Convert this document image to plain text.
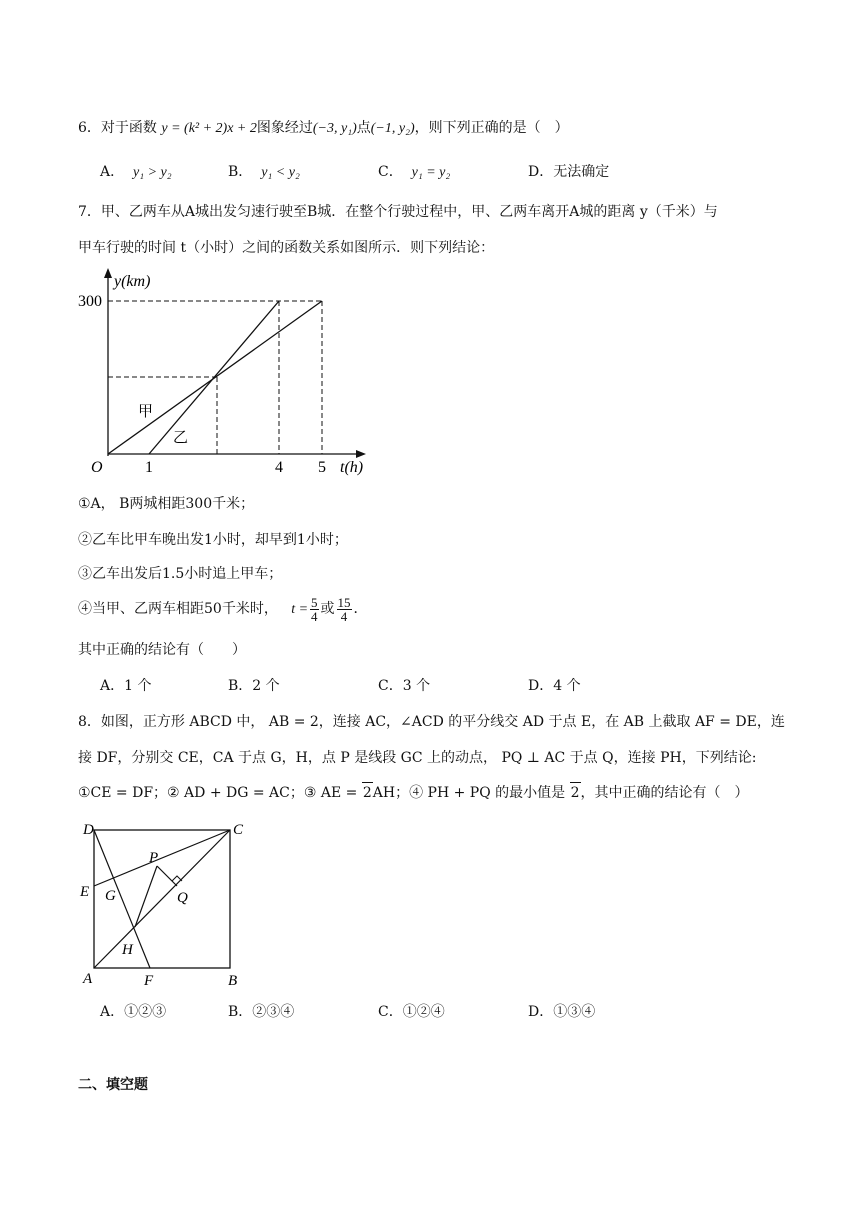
6．对于函数 y = (k² + 2)x + 2图象经过(−3, y₁)点(−1, y₂)，则下列正确的是（　）
A． y₁ > y₂	B． y₁ < y₂	C． y₁ = y₂	D．无法确定
7．甲、乙两车从A城出发匀速行驶至B城．在整个行驶过程中，甲、乙两车离开A城的距离 y（千米）与
甲车行驶的时间 t（小时）之间的函数关系如图所示．则下列结论：
y(km)
300
O	1	4 5 t(h)
甲
乙
①A， B两城相距300千米；
②乙车比甲车晚出发1小时，却早到1小时；
③乙车出发后1.5小时追上甲车；
④当甲、乙两车相距50千米时， $t = \frac{5}{4}$ 或 $\frac{15}{4}$ ．
其中正确的结论有（　　）
A．1 个	B．2 个	C．3 个	D．4 个
8．如图，正方形 ABCD 中， AB = 2，连接 AC，∠ACD 的平分线交 AD 于点 E，在 AB 上截取 AF = DE，连
接 DF，分别交 CE，CA 于点 G，H，点 P 是线段 GC 上的动点， PQ ⊥ AC 于点 Q，连接 PH，下列结论:
①CE = DF；② AD + DG = AC；③ AE = 2AH；④ PH + PQ 的最小值是 2，其中正确的结论有（　）
D	C
P
E G	Q
H
A	F	B
A．①②③	B．②③④	C．①②④	D．①③④
二、填空题
